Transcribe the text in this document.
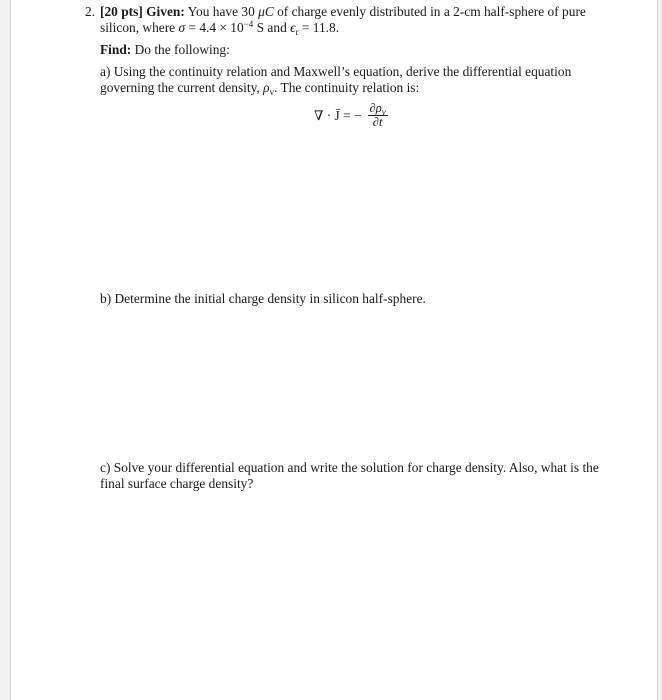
2. [20 pts] Given: You have 30 μC of charge evenly distributed in a 2-cm half-sphere of pure silicon, where $\sigma = 4.4 \times 10^{-4}$ S and $\epsilon_r = 11.8$.

Find: Do the following:

a) Using the continuity relation and Maxwell’s equation, derive the differential equation governing the current density, $\rho_v$. The continuity relation is:

∇ · J̄ = − $\frac{\partial\rho_v}{\partial t}$

b) Determine the initial charge density in silicon half-sphere.

c) Solve your differential equation and write the solution for charge density. Also, what is the final surface charge density?
